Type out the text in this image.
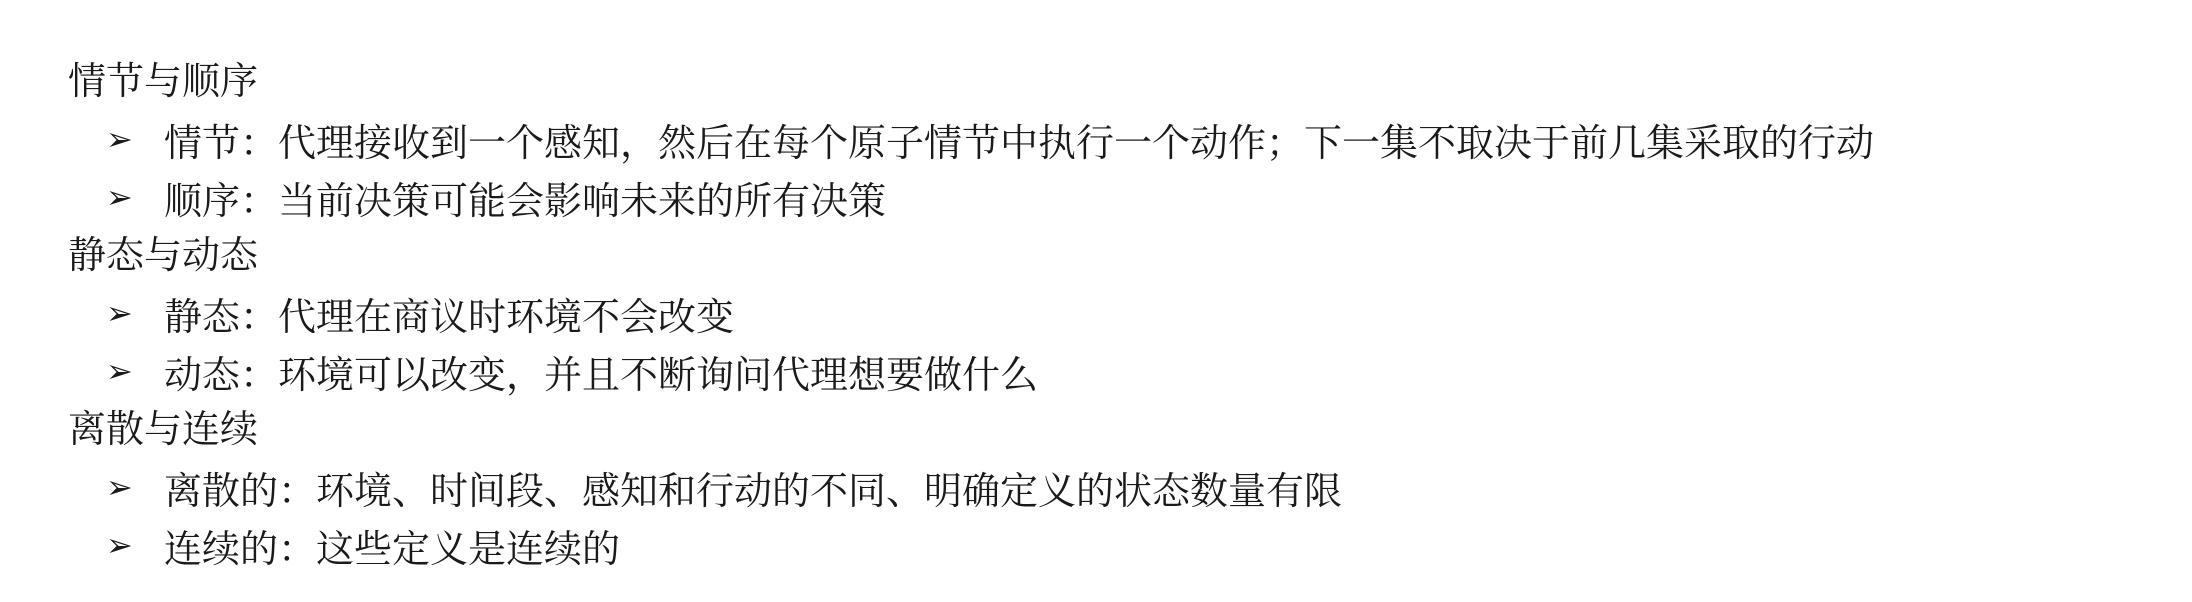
情节与顺序
➢ 情节： 代理接收到一个感知，然后在每个原子情节中执行一个动作；下一集不取决于前几集采取的行动
➢ 顺序： 当前决策可能会影响未来的所有决策
静态与动态
➢ 静态： 代理在商议时环境不会改变
➢ 动态： 环境可以改变，并且不断询问代理想要做什么
离散与连续
➢ 离散的： 环境、时间段、感知和行动的不同、明确定义的状态数量有限
➢ 连续的： 这些定义是连续的
